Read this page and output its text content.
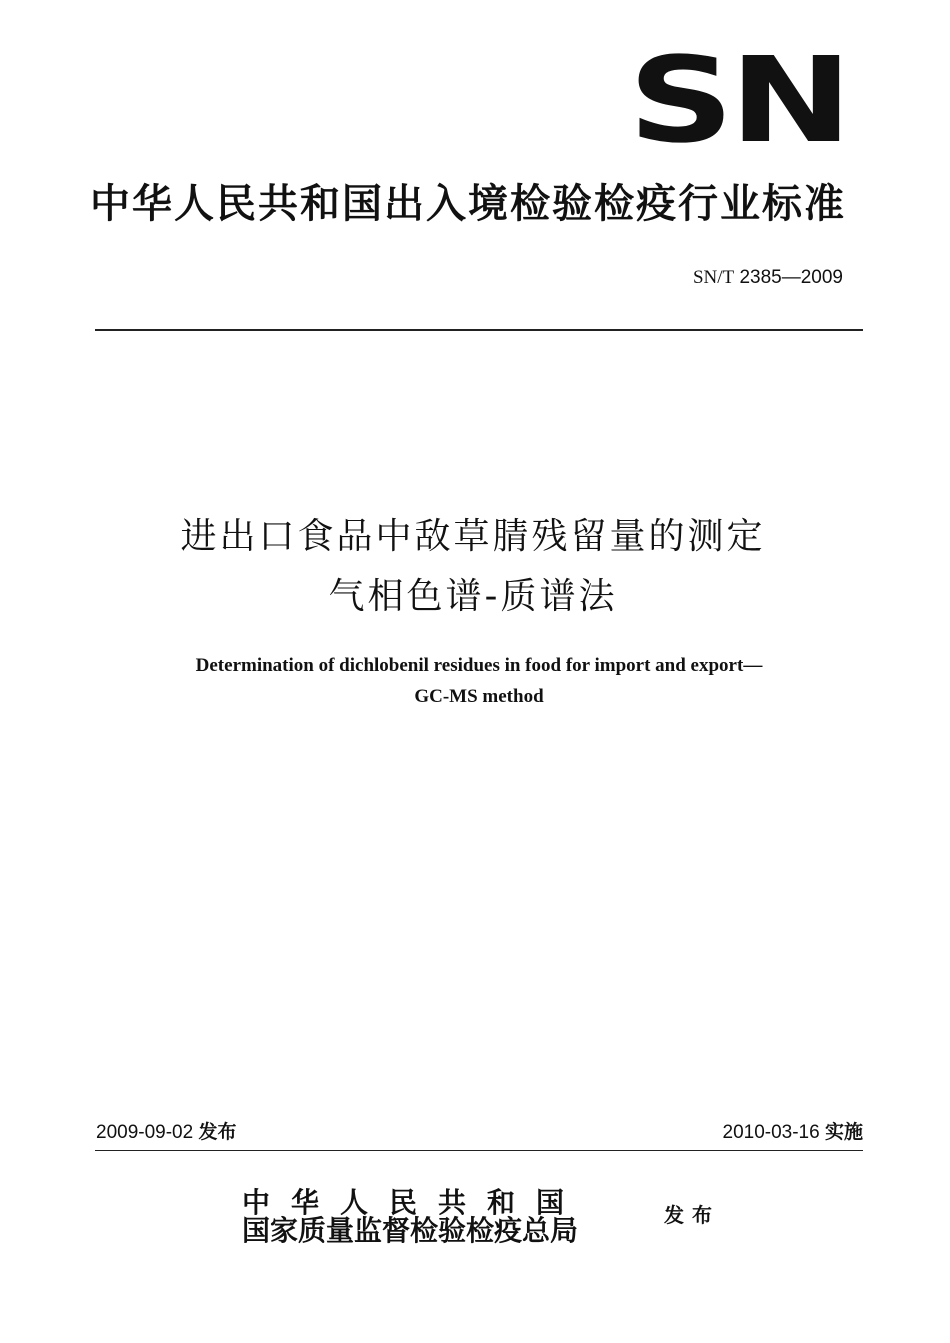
SN
中华人民共和国出入境检验检疫行业标准
SN/T 2385—2009
进出口食品中敌草腈残留量的测定
气相色谱-质谱法
Determination of dichlobenil residues in food for import and export—
GC-MS method
2009-09-02 发布	2010-03-16 实施
中华人民共和国
国家质量监督检验检疫总局	发布
